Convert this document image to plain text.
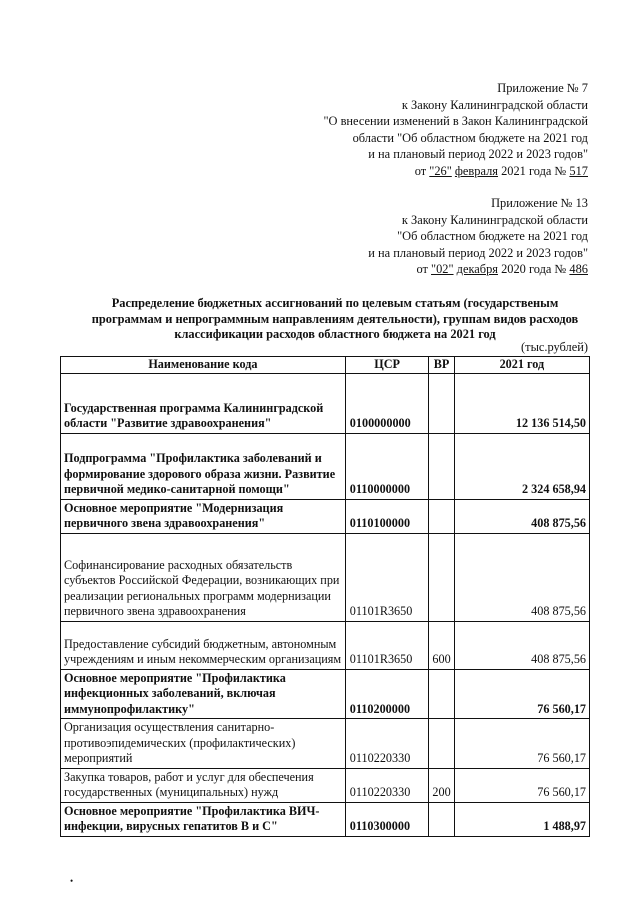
Приложение № 7
к Закону Калининградской области
"О внесении изменений в Закон Калининградской
области "Об областном бюджете на 2021 год
и на плановый период 2022 и 2023 годов"
от "26" февраля 2021 года № 517
Приложение № 13
к Закону Калининградской области
"Об областном бюджете на 2021 год
и на плановый период 2022 и 2023 годов"
от "02" декабря 2020 года № 486
Распределение бюджетных ассигнований по целевым статьям (государственым
программам и непрограммным направлениям деятельности), группам видов расходов
классификации расходов областного бюджета на 2021 год
(тыс.рублей)
Наименование кода	ЦСР	ВР	2021 год
Государственная программа Калининградской области "Развитие здравоохранения"	0100000000		12 136 514,50
Подпрограмма "Профилактика заболеваний и формирование здорового образа жизни. Развитие первичной медико-санитарной помощи"	0110000000		2 324 658,94
Основное мероприятие "Модернизация первичного звена здравоохранения"	0110100000		408 875,56
Софинансирование расходных обязательств субъектов Российской Федерации, возникающих при реализации региональных программ модернизации первичного звена здравоохранения	01101R3650		408 875,56
Предоставление субсидий бюджетным, автономным учреждениям и иным некоммерческим организациям	01101R3650	600	408 875,56
Основное мероприятие "Профилактика инфекционных заболеваний, включая иммунопрофилактику"	0110200000		76 560,17
Организация осуществления санитарно-противоэпидемических (профилактических) мероприятий	0110220330		76 560,17
Закупка товаров, работ и услуг для обеспечения государственных (муниципальных) нужд	0110220330	200	76 560,17
Основное мероприятие "Профилактика ВИЧ-инфекции, вирусных гепатитов В и С"	0110300000		1 488,97
•
